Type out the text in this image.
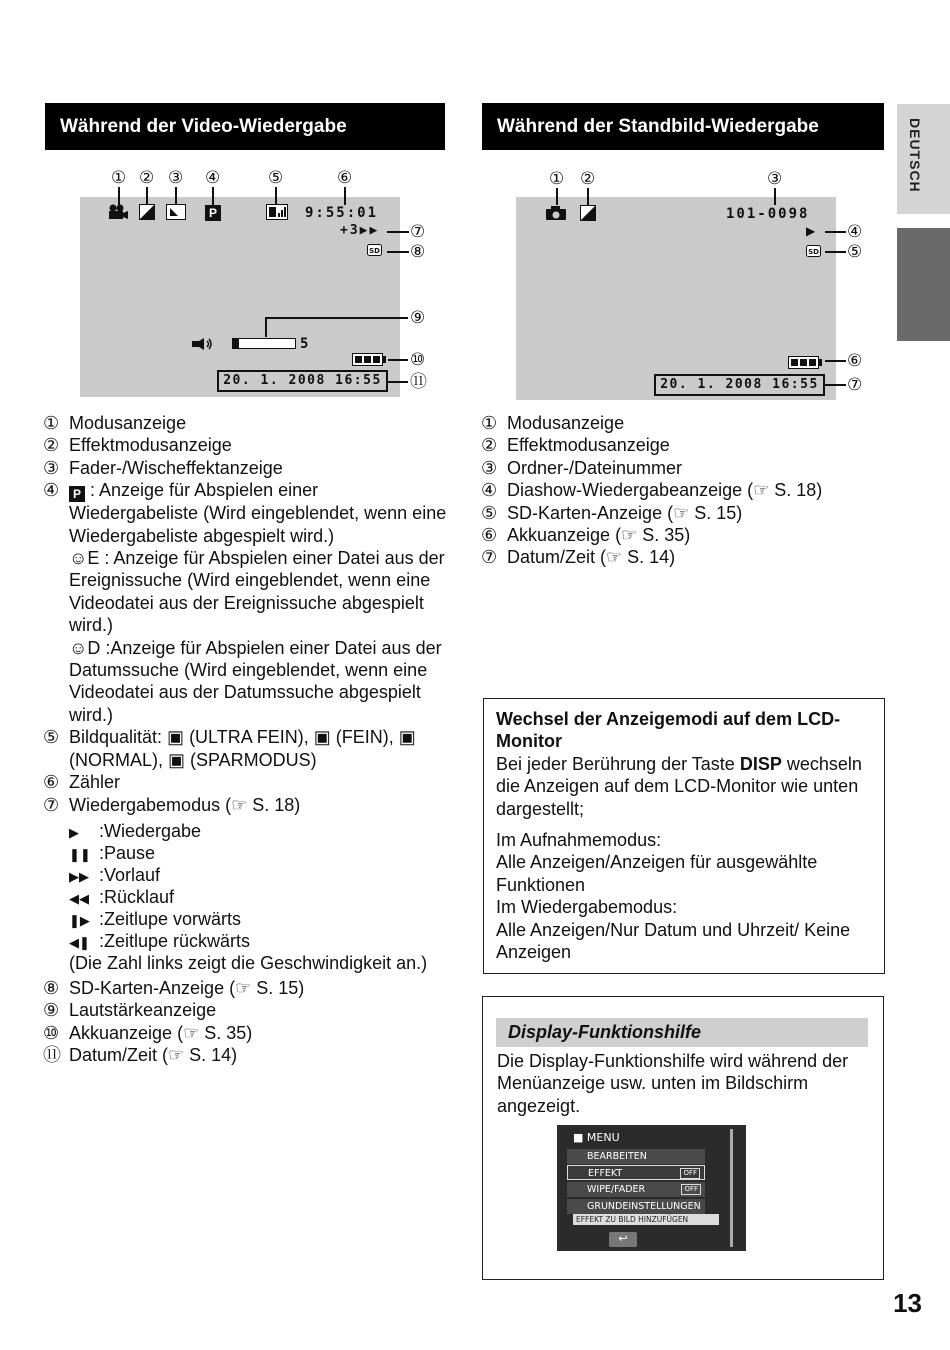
DEUTSCH
Während der Video-Wiedergabe
① ② ③ ④	⑤	⑥
P	9:55:01
+3▶▶ ⑦
SD ⑧
⑨
5
⑩
20. 1. 2008 16:55	⑪
① Modusanzeige
② Effektmodusanzeige
③ Fader-/Wischeffektanzeige
④ P : Anzeige für Abspielen einer Wiedergabeliste (Wird eingeblendet, wenn eine Wiedergabeliste abgespielt wird.)
☺E : Anzeige für Abspielen einer Datei aus der Ereignissuche (Wird eingeblendet, wenn eine Videodatei aus der Ereignissuche abgespielt wird.)
☺D :Anzeige für Abspielen einer Datei aus der Datumssuche (Wird eingeblendet, wenn eine Videodatei aus der Datumssuche abgespielt wird.)
⑤ Bildqualität: ▣ (ULTRA FEIN), ▣ (FEIN), ▣ (NORMAL), ▣ (SPARMODUS)
⑥ Zähler
⑦ Wiedergabemodus (☞ S. 18)
▶ :Wiedergabe
❚❚ :Pause
▶▶ :Vorlauf
◀◀ :Rücklauf
❚▶ :Zeitlupe vorwärts
◀❚ :Zeitlupe rückwärts
(Die Zahl links zeigt die Geschwindigkeit an.)
⑧ SD-Karten-Anzeige (☞ S. 15)
⑨ Lautstärkeanzeige
⑩ Akkuanzeige (☞ S. 35)
⑪ Datum/Zeit (☞ S. 14)
Während der Standbild-Wiedergabe
① ②	③
101-0098
▶ ④
SD ⑤
⑥
20. 1. 2008 16:55	⑦
① Modusanzeige
② Effektmodusanzeige
③ Ordner-/Dateinummer
④ Diashow-Wiedergabeanzeige (☞ S. 18)
⑤ SD-Karten-Anzeige (☞ S. 15)
⑥ Akkuanzeige (☞ S. 35)
⑦ Datum/Zeit (☞ S. 14)
Wechsel der Anzeigemodi auf dem LCD-Monitor
Bei jeder Berührung der Taste DISP wechseln die Anzeigen auf dem LCD-Monitor wie unten dargestellt;
Im Aufnahmemodus:
Alle Anzeigen/Anzeigen für ausgewählte Funktionen
Im Wiedergabemodus:
Alle Anzeigen/Nur Datum und Uhrzeit/ Keine Anzeigen
Display-Funktionshilfe
Die Display-Funktionshilfe wird während der Menüanzeige usw. unten im Bildschirm angezeigt.
■ MENU
BEARBEITEN
EFFEKT	OFF
WIPE/FADER	OFF
GRUNDEINSTELLUNGEN
EFFEKT ZU BILD HINZUFÜGEN
↩
13
